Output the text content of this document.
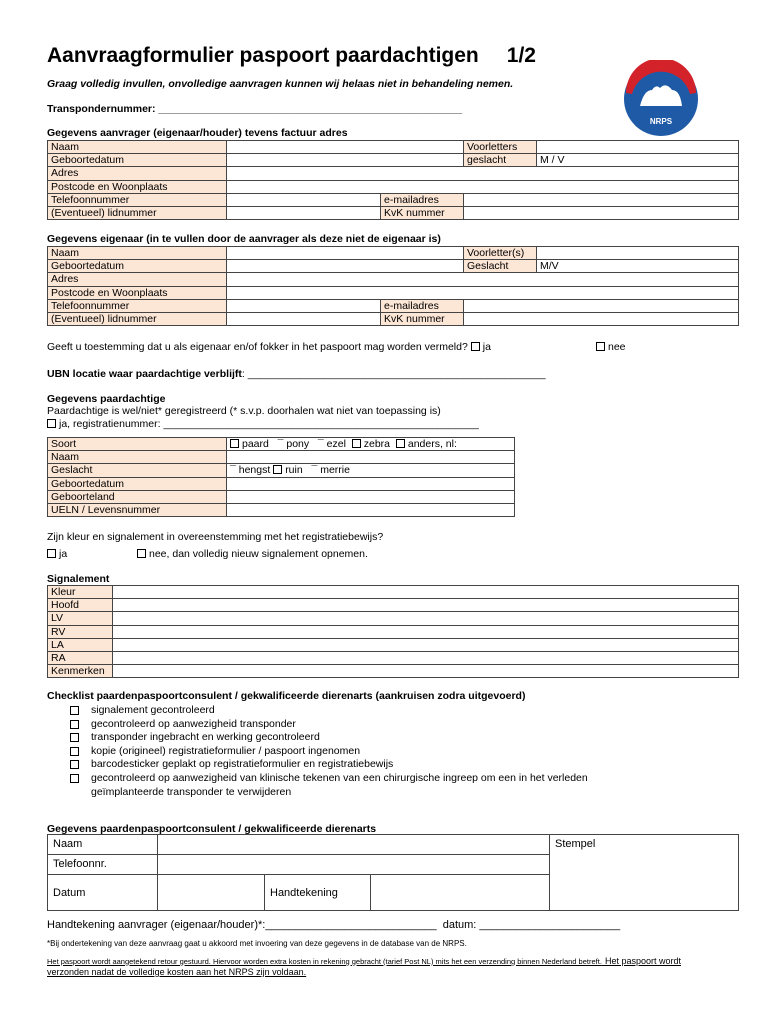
Aanvraagformulier paspoort paardachtigen 1/2
Graag volledig invullen, onvolledige aanvragen kunnen wij helaas niet in behandeling nemen.
NRPS
Transpondernummer: ____________________________________________________
Gegevens aanvrager (eigenaar/houder) tevens factuur adres
Naam			Voorletters	
Geboortedatum			geslacht	M / V
Adres				
Postcode en Woonplaats				
Telefoonnummer		e-mailadres		
(Eventueel) lidnummer		KvK nummer		
Gegevens eigenaar (in te vullen door de aanvrager als deze niet de eigenaar is)
Naam			Voorletter(s)	
Geboortedatum			Geslacht	M/V
Adres				
Postcode en Woonplaats				
Telefoonnummer		e-mailadres		
(Eventueel) lidnummer		KvK nummer		
Geeft u toestemming dat u als eigenaar en/of fokker in het paspoort mag worden vermeld? ja	nee
UBN locatie waar paardachtige verblijft: ___________________________________________________
Gegevens paardachtige
Paardachtige is wel/niet* geregistreerd (* s.v.p. doorhalen wat niet van toepassing is)
ja, registratienummer: ______________________________________________________
Soort	paard ¯ pony ¯ ezel zebra anders, nl:
Naam	
Geslacht	¯ hengst ruin ¯ merrie
Geboortedatum	
Geboorteland	
UELN / Levensnummer	
Zijn kleur en signalement in overeenstemming met het registratiebewijs?
ja	nee, dan volledig nieuw signalement opnemen.
Signalement
Kleur	
Hoofd	
LV	
RV	
LA	
RA	
Kenmerken	
Checklist paardenpaspoortconsulent / gekwalificeerde dierenarts (aankruisen zodra uitgevoerd)
signalement gecontroleerd
gecontroleerd op aanwezigheid transponder
transponder ingebracht en werking gecontroleerd
kopie (origineel) registratieformulier / paspoort ingenomen
barcodesticker geplakt op registratieformulier en registratiebewijs
gecontroleerd op aanwezigheid van klinische tekenen van een chirurgische ingreep om een in het verleden
geïmplanteerde transponder te verwijderen
Gegevens paardenpaspoortconsulent / gekwalificeerde dierenarts
Naam				Stempel
Telefoonnr.				
Datum		Handtekening		
Handtekening aanvrager (eigenaar/houder)*:____________________________ datum: _______________________
*Bij ondertekening van deze aanvraag gaat u akkoord met invoering van deze gegevens in de database van de NRPS.
Het paspoort wordt aangetekend retour gestuurd. Hiervoor worden extra kosten in rekening gebracht (tarief Post NL) mits het een verzending binnen Nederland betreft. Het paspoort wordt
verzonden nadat de volledige kosten aan het NRPS zijn voldaan.
